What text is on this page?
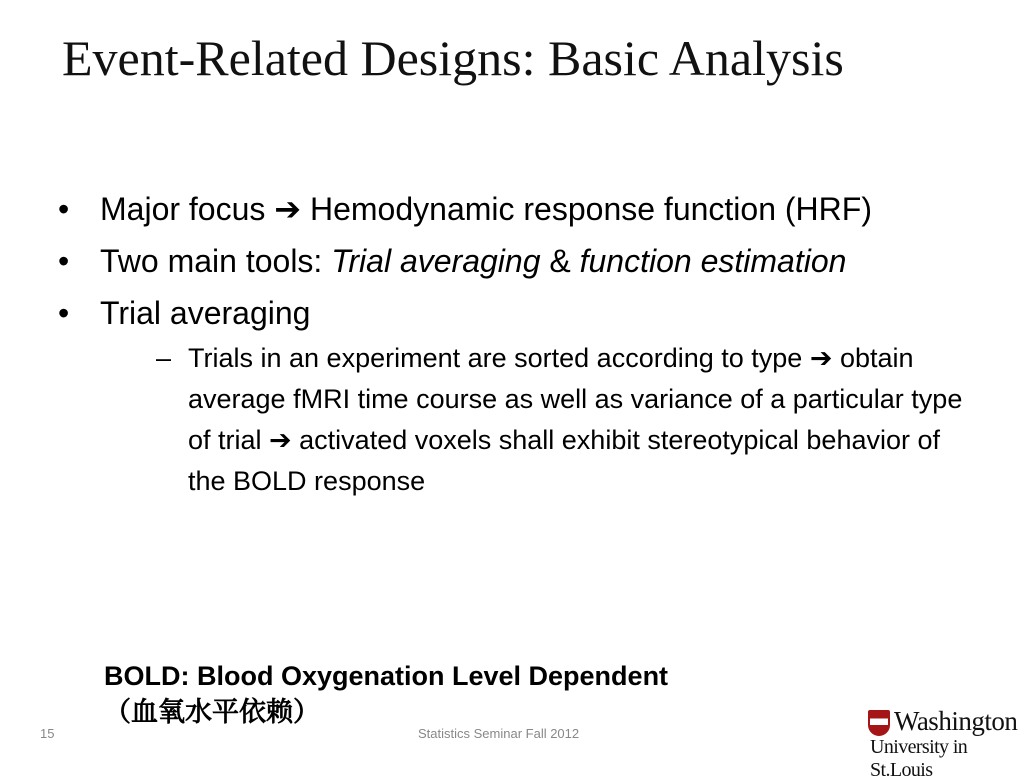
Event-Related Designs: Basic Analysis
• Major focus ➔ Hemodynamic response function (HRF)
• Two main tools: Trial averaging & function estimation
• Trial averaging
– Trials in an experiment are sorted according to type ➔ obtain average fMRI time course as well as variance of a particular type of trial ➔ activated voxels shall exhibit stereotypical behavior of the BOLD response
BOLD: Blood Oxygenation Level Dependent
（血氧水平依赖）
15	Statistics Seminar Fall 2012	Washington
University in St.Louis
